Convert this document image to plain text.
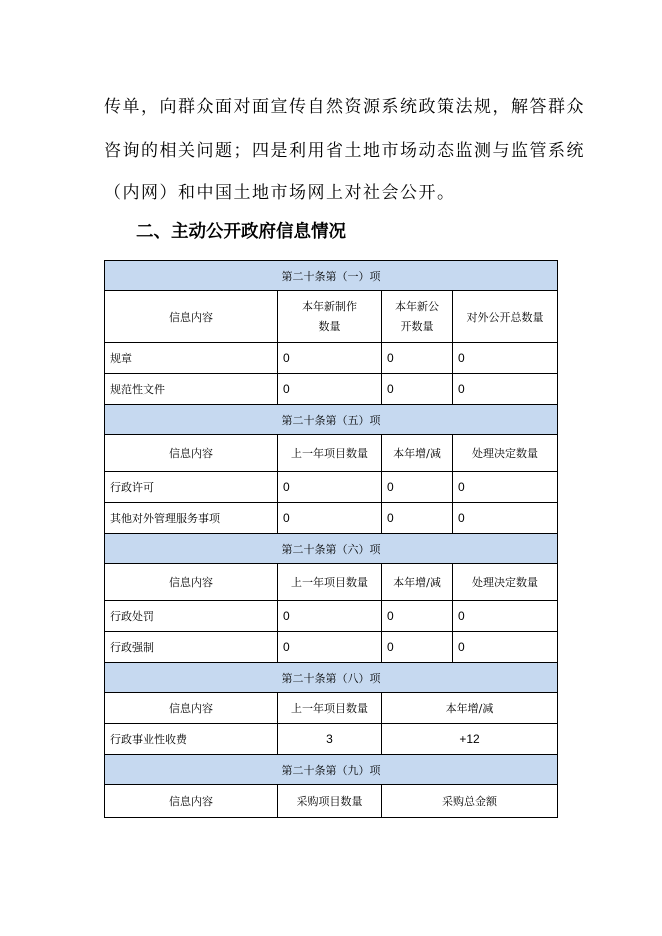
传单，向群众面对面宣传自然资源系统政策法规，解答群众
咨询的相关问题；四是利用省土地市场动态监测与监管系统
（内网）和中国土地市场网上对社会公开。
二、主动公开政府信息情况
第二十条第（一）项			
信息内容	本年新制作数量	本年新公开数量	对外公开总数量
规章	0	0	0
规范性文件	0	0	0
第二十条第（五）项			
信息内容	上一年项目数量	本年增/减	处理决定数量
行政许可	0	0	0
其他对外管理服务事项	0	0	0
第二十条第（六）项			
信息内容	上一年项目数量	本年增/减	处理决定数量
行政处罚	0	0	0
行政强制	0	0	0
第二十条第（八）项			
信息内容	上一年项目数量	本年增/减	
行政事业性收费	3	+12	
第二十条第（九）项			
信息内容	采购项目数量	采购总金额	
